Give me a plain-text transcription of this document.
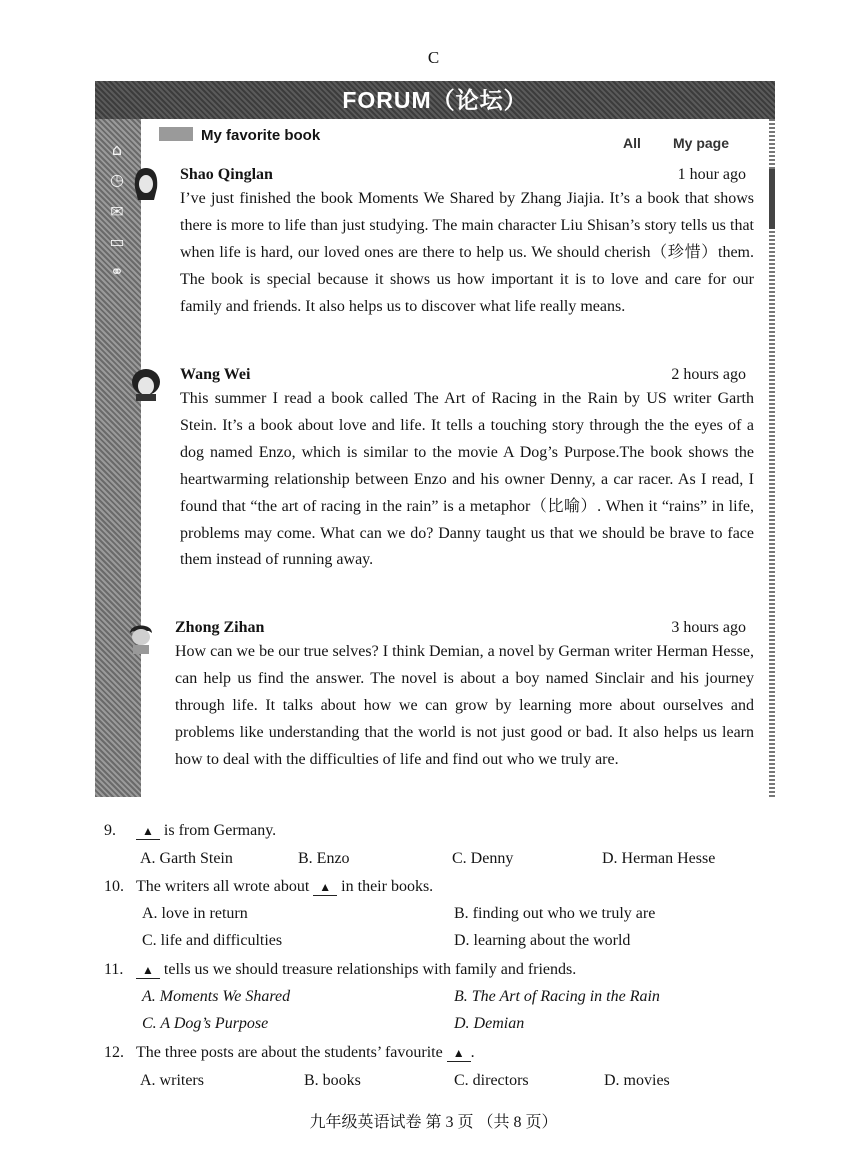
C
FORUM（论坛）
⌂
◷
✉
▭
⚭
My favorite book	All My page
Shao Qinglan	1 hour ago
I’ve just finished the book Moments We Shared by Zhang Jiajia. It’s a book that shows there is more to life than just studying. The main character Liu Shisan’s story tells us that when life is hard, our loved ones are there to help us. We should cherish（珍惜）them. The book is special because it shows us how important it is to love and care for our family and friends. It also helps us to discover what life really means.
Wang Wei	2 hours ago
This summer I read a book called The Art of Racing in the Rain by US writer Garth Stein. It’s a book about love and life. It tells a touching story through the the eyes of a dog named Enzo, which is similar to the movie A Dog’s Purpose.The book shows the heartwarming relationship between Enzo and his owner Denny, a car racer. As I read, I found that “the art of racing in the rain” is a metaphor（比喻）. When it “rains” in life, problems may come. What can we do? Danny taught us that we should be brave to face them instead of running away.
Zhong Zihan	3 hours ago
How can we be our true selves? I think Demian, a novel by German writer Herman Hesse, can help us find the answer. The novel is about a boy named Sinclair and his journey through life. It talks about how we can grow by learning more about ourselves and problems like understanding that the world is not just good or bad. It also helps us learn how to deal with the difficulties of life and find out who we truly are.
9.	▲ is from Germany.
A. Garth Stein	B. Enzo	C. Denny	D. Herman Hesse
10. The writers all wrote about ▲ in their books.
A. love in return	B. finding out who we truly are
C. life and difficulties	D. learning about the world
11.	▲ tells us we should treasure relationships with family and friends.
A. Moments We Shared	B. The Art of Racing in the Rain
C. A Dog’s Purpose	D. Demian
12. The three posts are about the students’ favourite ▲ .
A. writers	B. books	C. directors	D. movies
九年级英语试卷 第 3 页 （共 8 页）
